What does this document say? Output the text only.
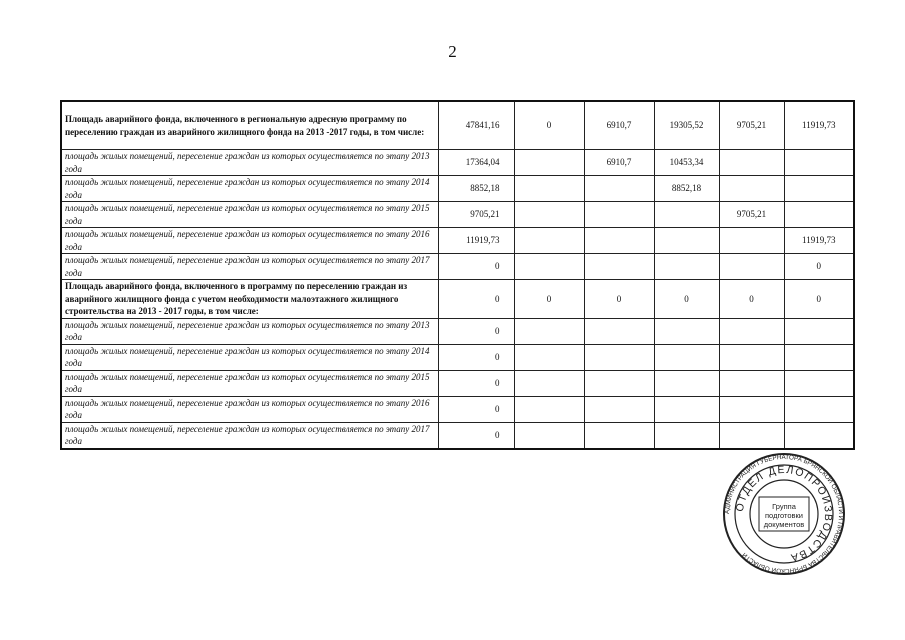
2
Площадь аварийного фонда, включенного в региональную адресную программу по переселению граждан из аварийного жилищного фонда на 2013 -2017 годы, в том числе:	47841,16	0	6910,7	19305,52	9705,21	11919,73
площадь жилых помещений, переселение граждан из которых осуществляется по этапу 2013 года	17364,04		6910,7	10453,34		
площадь жилых помещений, переселение граждан из которых осуществляется по этапу 2014 года	8852,18			8852,18		
площадь жилых помещений, переселение граждан из которых осуществляется по этапу 2015 года	9705,21				9705,21	
площадь жилых помещений, переселение граждан из которых осуществляется по этапу 2016 года	11919,73					11919,73
площадь жилых помещений, переселение граждан из которых осуществляется по этапу 2017 года	0					0
Площадь аварийного фонда, включенного в программу по переселению граждан из аварийного жилищного фонда с учетом необходимости малоэтажного жилищного строительства на 2013 - 2017 годы, в том числе:	0	0	0	0	0	0
площадь жилых помещений, переселение граждан из которых осуществляется по этапу 2013 года	0					
площадь жилых помещений, переселение граждан из которых осуществляется по этапу 2014 года	0					
площадь жилых помещений, переселение граждан из которых осуществляется по этапу 2015 года	0					
площадь жилых помещений, переселение граждан из которых осуществляется по этапу 2016 года	0					
площадь жилых помещений, переселение граждан из которых осуществляется по этапу 2017 года	0					
АДМИНИСТРАЦИЯ ГУБЕРНАТОРА БРЯНСКОЙ ОБЛАСТИ И ПРАВИТЕЛЬСТВА БРЯНСКОЙ ОБЛАСТИ
ОТДЕЛ ДЕЛОПРОИЗВОДСТВА
Группа
подготовки
документов
